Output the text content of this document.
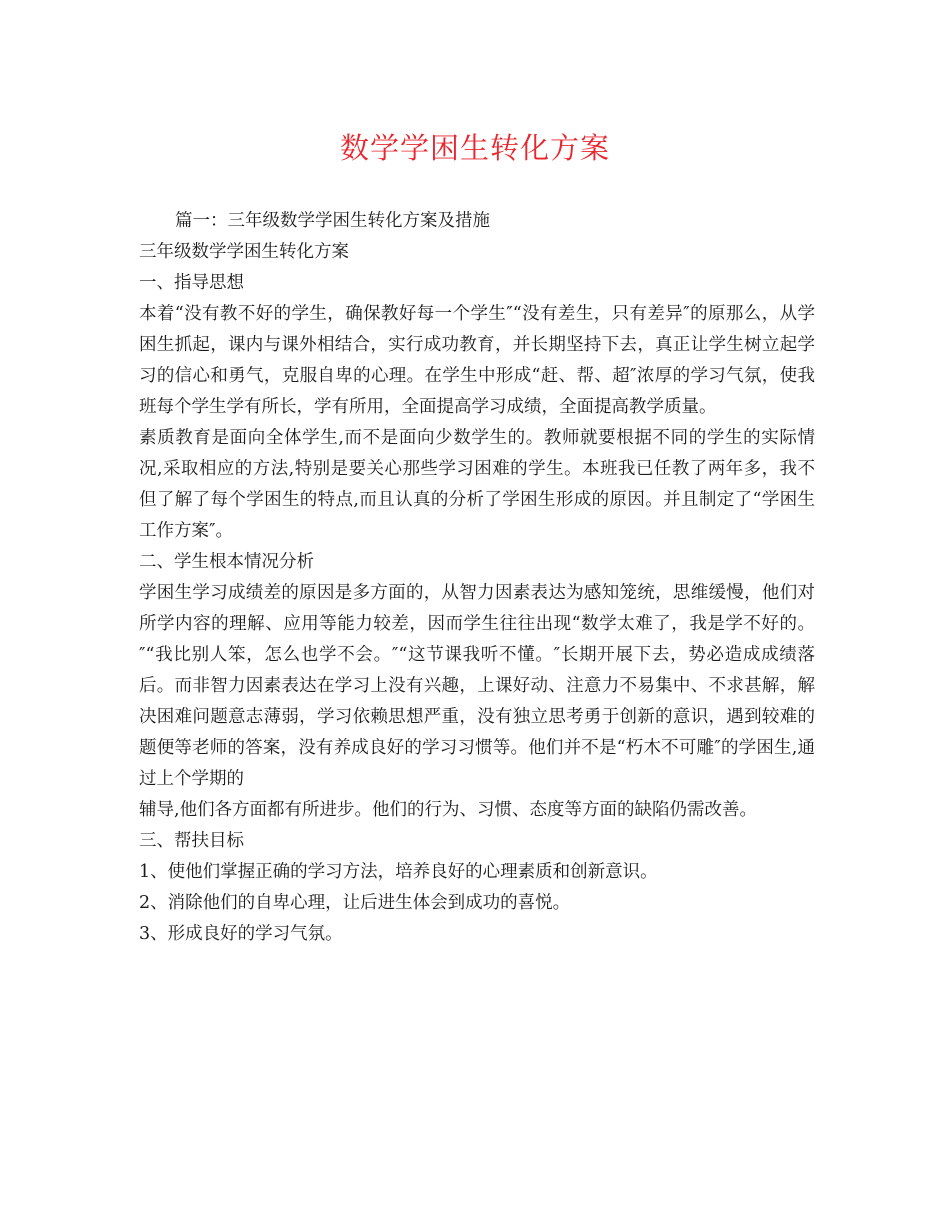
数学学困生转化方案

篇一：三年级数学学困生转化方案及措施

三年级数学学困生转化方案

一、指导思想

本着“没有教不好的学生，确保教好每一个学生″“没有差生，只有差异″的原那么，从学困生抓起，课内与课外相结合，实行成功教育，并长期坚持下去，真正让学生树立起学习的信心和勇气，克服自卑的心理。在学生中形成“赶、帮、超″浓厚的学习气氛，使我班每个学生学有所长，学有所用，全面提高学习成绩，全面提高教学质量。

素质教育是面向全体学生,而不是面向少数学生的。教师就要根据不同的学生的实际情况,采取相应的方法,特别是要关心那些学习困难的学生。本班我已任教了两年多，我不但了解了每个学困生的特点,而且认真的分析了学困生形成的原因。并且制定了“学困生工作方案″。

二、学生根本情况分析

学困生学习成绩差的原因是多方面的，从智力因素表达为感知笼统，思维缓慢，他们对所学内容的理解、应用等能力较差，因而学生往往出现“数学太难了，我是学不好的。″“我比别人笨，怎么也学不会。″“这节课我听不懂。″长期开展下去，势必造成成绩落后。而非智力因素表达在学习上没有兴趣，上课好动、注意力不易集中、不求甚解，解决困难问题意志薄弱，学习依赖思想严重，没有独立思考勇于创新的意识，遇到较难的题便等老师的答案，没有养成良好的学习习惯等。他们并不是“朽木不可雕″的学困生,通过上个学期的

辅导,他们各方面都有所进步。他们的行为、习惯、态度等方面的缺陷仍需改善。

三、帮扶目标

1、使他们掌握正确的学习方法，培养良好的心理素质和创新意识。

2、消除他们的自卑心理，让后进生体会到成功的喜悦。

3、形成良好的学习气氛。
